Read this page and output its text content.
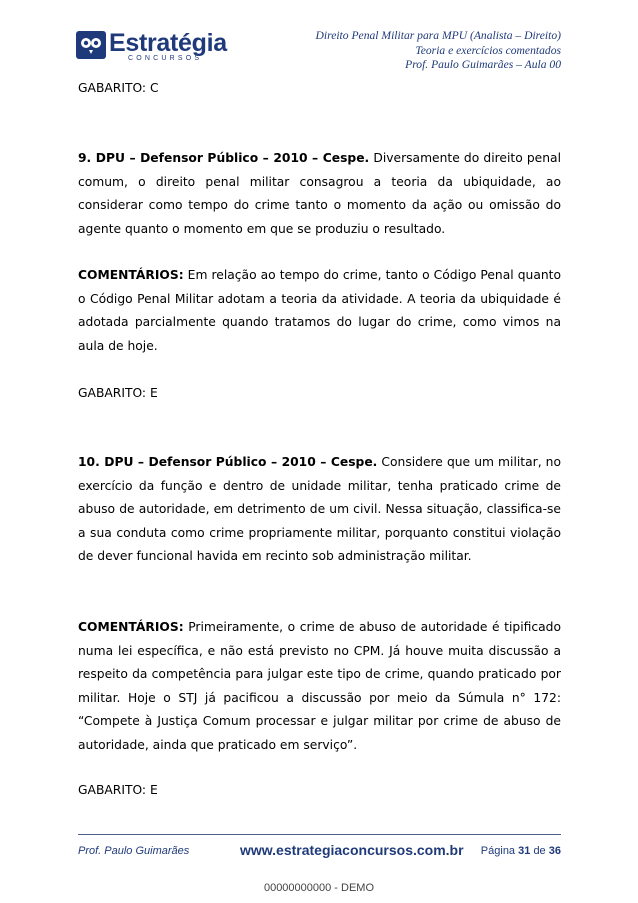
Estratégia
CONCURSOS
Direito Penal Militar para MPU (Analista – Direito)
Teoria e exercícios comentados
Prof. Paulo Guimarães – Aula 00

GABARITO: C

9. DPU – Defensor Público – 2010 – Cespe. Diversamente do direito penal comum, o direito penal militar consagrou a teoria da ubiquidade, ao considerar como tempo do crime tanto o momento da ação ou omissão do agente quanto o momento em que se produziu o resultado.

COMENTÁRIOS: Em relação ao tempo do crime, tanto o Código Penal quanto o Código Penal Militar adotam a teoria da atividade. A teoria da ubiquidade é adotada parcialmente quando tratamos do lugar do crime, como vimos na aula de hoje.

GABARITO: E

10. DPU – Defensor Público – 2010 – Cespe. Considere que um militar, no exercício da função e dentro de unidade militar, tenha praticado crime de abuso de autoridade, em detrimento de um civil. Nessa situação, classifica-se a sua conduta como crime propriamente militar, porquanto constitui violação de dever funcional havida em recinto sob administração militar.

COMENTÁRIOS: Primeiramente, o crime de abuso de autoridade é tipificado numa lei específica, e não está previsto no CPM. Já houve muita discussão a respeito da competência para julgar este tipo de crime, quando praticado por militar. Hoje o STJ já pacificou a discussão por meio da Súmula n° 172: “Compete à Justiça Comum processar e julgar militar por crime de abuso de autoridade, ainda que praticado em serviço”.

GABARITO: E

Prof. Paulo Guimarães	www.estrategiaconcursos.com.br Página 31 de 36
00000000000 - DEMO
